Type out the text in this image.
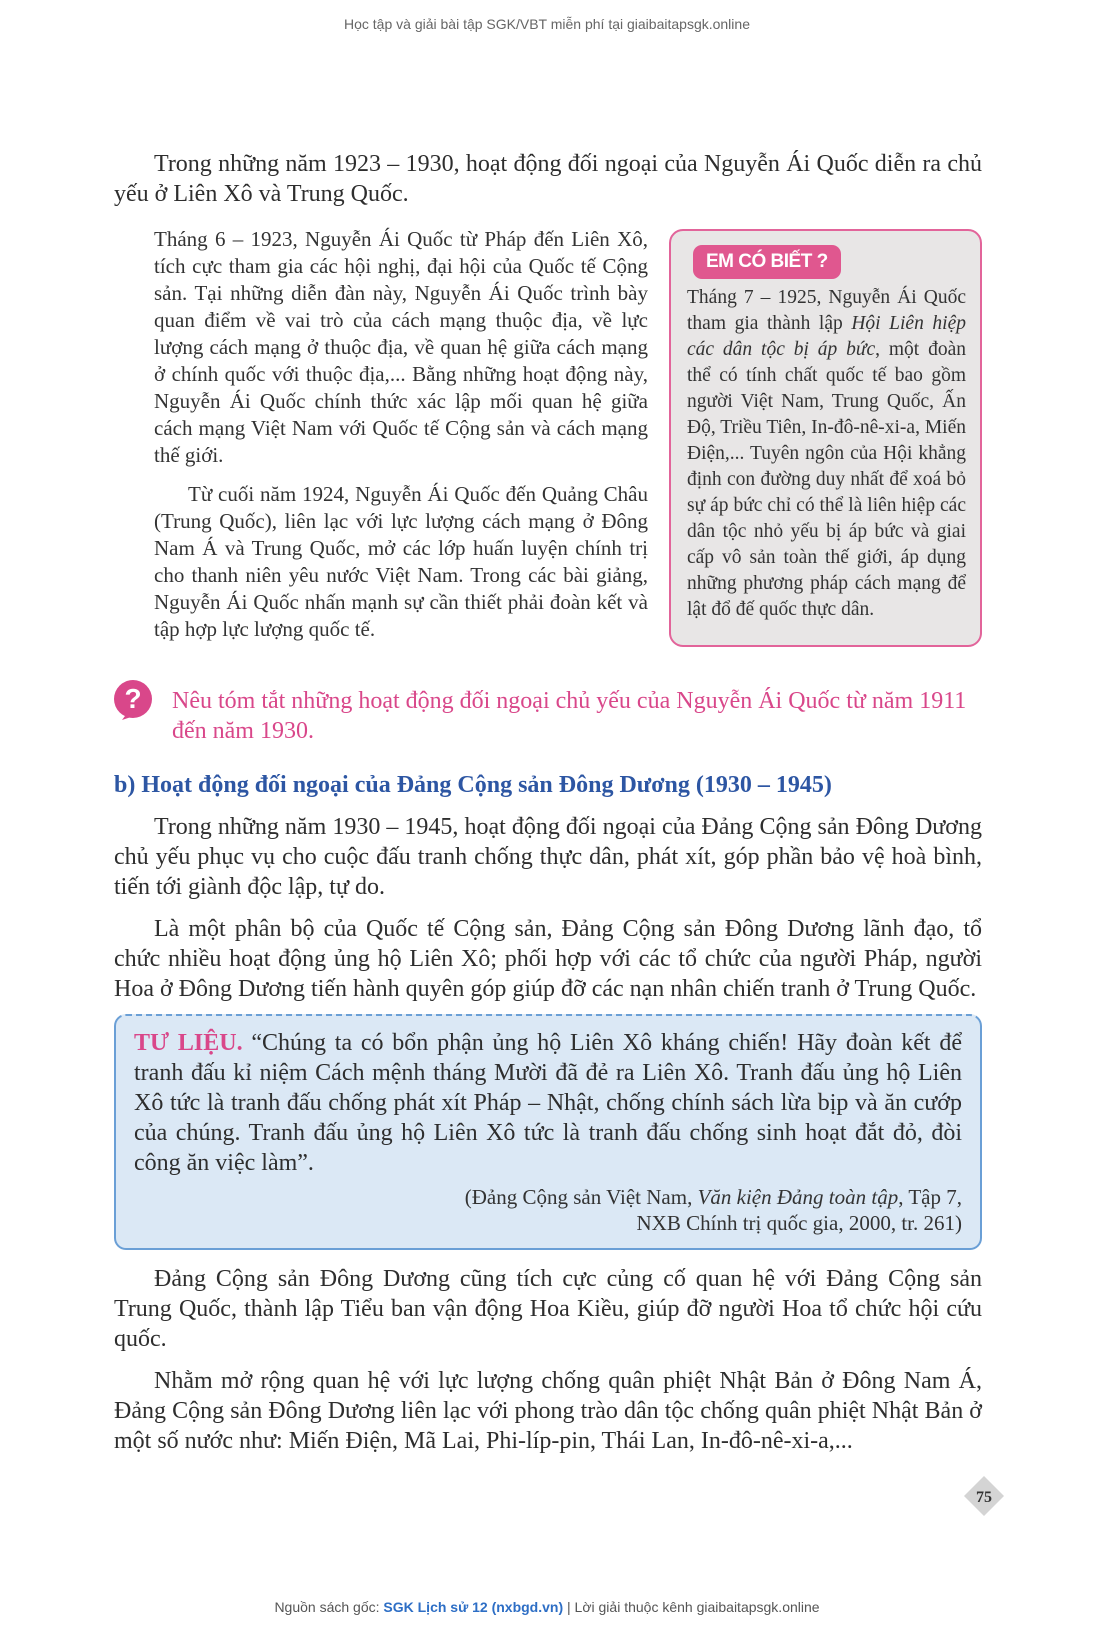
Học tập và giải bài tập SGK/VBT miễn phí tại giaibaitapsgk.online
Trong những năm 1923 – 1930, hoạt động đối ngoại của Nguyễn Ái Quốc diễn ra chủ yếu ở Liên Xô và Trung Quốc.
Tháng 6 – 1923, Nguyễn Ái Quốc từ Pháp đến Liên Xô, tích cực tham gia các hội nghị, đại hội của Quốc tế Cộng sản. Tại những diễn đàn này, Nguyễn Ái Quốc trình bày quan điểm về vai trò của cách mạng thuộc địa, về lực lượng cách mạng ở thuộc địa, về quan hệ giữa cách mạng ở chính quốc với thuộc địa,... Bằng những hoạt động này, Nguyễn Ái Quốc chính thức xác lập mối quan hệ giữa cách mạng Việt Nam với Quốc tế Cộng sản và cách mạng thế giới.
Từ cuối năm 1924, Nguyễn Ái Quốc đến Quảng Châu (Trung Quốc), liên lạc với lực lượng cách mạng ở Đông Nam Á và Trung Quốc, mở các lớp huấn luyện chính trị cho thanh niên yêu nước Việt Nam. Trong các bài giảng, Nguyễn Ái Quốc nhấn mạnh sự cần thiết phải đoàn kết và tập hợp lực lượng quốc tế.
EM CÓ BIẾT ?
Tháng 7 – 1925, Nguyễn Ái Quốc tham gia thành lập Hội Liên hiệp các dân tộc bị áp bức, một đoàn thể có tính chất quốc tế bao gồm người Việt Nam, Trung Quốc, Ấn Độ, Triều Tiên, In-đô-nê-xi-a, Miến Điện,... Tuyên ngôn của Hội khẳng định con đường duy nhất để xoá bỏ sự áp bức chỉ có thể là liên hiệp các dân tộc nhỏ yếu bị áp bức và giai cấp vô sản toàn thế giới, áp dụng những phương pháp cách mạng để lật đổ đế quốc thực dân.
? Nêu tóm tắt những hoạt động đối ngoại chủ yếu của Nguyễn Ái Quốc từ năm 1911 đến năm 1930.
b) Hoạt động đối ngoại của Đảng Cộng sản Đông Dương (1930 – 1945)
Trong những năm 1930 – 1945, hoạt động đối ngoại của Đảng Cộng sản Đông Dương chủ yếu phục vụ cho cuộc đấu tranh chống thực dân, phát xít, góp phần bảo vệ hoà bình, tiến tới giành độc lập, tự do.
Là một phân bộ của Quốc tế Cộng sản, Đảng Cộng sản Đông Dương lãnh đạo, tổ chức nhiều hoạt động ủng hộ Liên Xô; phối hợp với các tổ chức của người Pháp, người Hoa ở Đông Dương tiến hành quyên góp giúp đỡ các nạn nhân chiến tranh ở Trung Quốc.
TƯ LIỆU. “Chúng ta có bổn phận ủng hộ Liên Xô kháng chiến! Hãy đoàn kết để tranh đấu kỉ niệm Cách mệnh tháng Mười đã đẻ ra Liên Xô. Tranh đấu ủng hộ Liên Xô tức là tranh đấu chống phát xít Pháp – Nhật, chống chính sách lừa bịp và ăn cướp của chúng. Tranh đấu ủng hộ Liên Xô tức là tranh đấu chống sinh hoạt đắt đỏ, đòi công ăn việc làm”.
(Đảng Cộng sản Việt Nam, Văn kiện Đảng toàn tập, Tập 7,
NXB Chính trị quốc gia, 2000, tr. 261)
Đảng Cộng sản Đông Dương cũng tích cực củng cố quan hệ với Đảng Cộng sản Trung Quốc, thành lập Tiểu ban vận động Hoa Kiều, giúp đỡ người Hoa tổ chức hội cứu quốc.
Nhằm mở rộng quan hệ với lực lượng chống quân phiệt Nhật Bản ở Đông Nam Á, Đảng Cộng sản Đông Dương liên lạc với phong trào dân tộc chống quân phiệt Nhật Bản ở một số nước như: Miến Điện, Mã Lai, Phi-líp-pin, Thái Lan, In-đô-nê-xi-a,...
75
Nguồn sách gốc: SGK Lịch sử 12 (nxbgd.vn) | Lời giải thuộc kênh giaibaitapsgk.online
